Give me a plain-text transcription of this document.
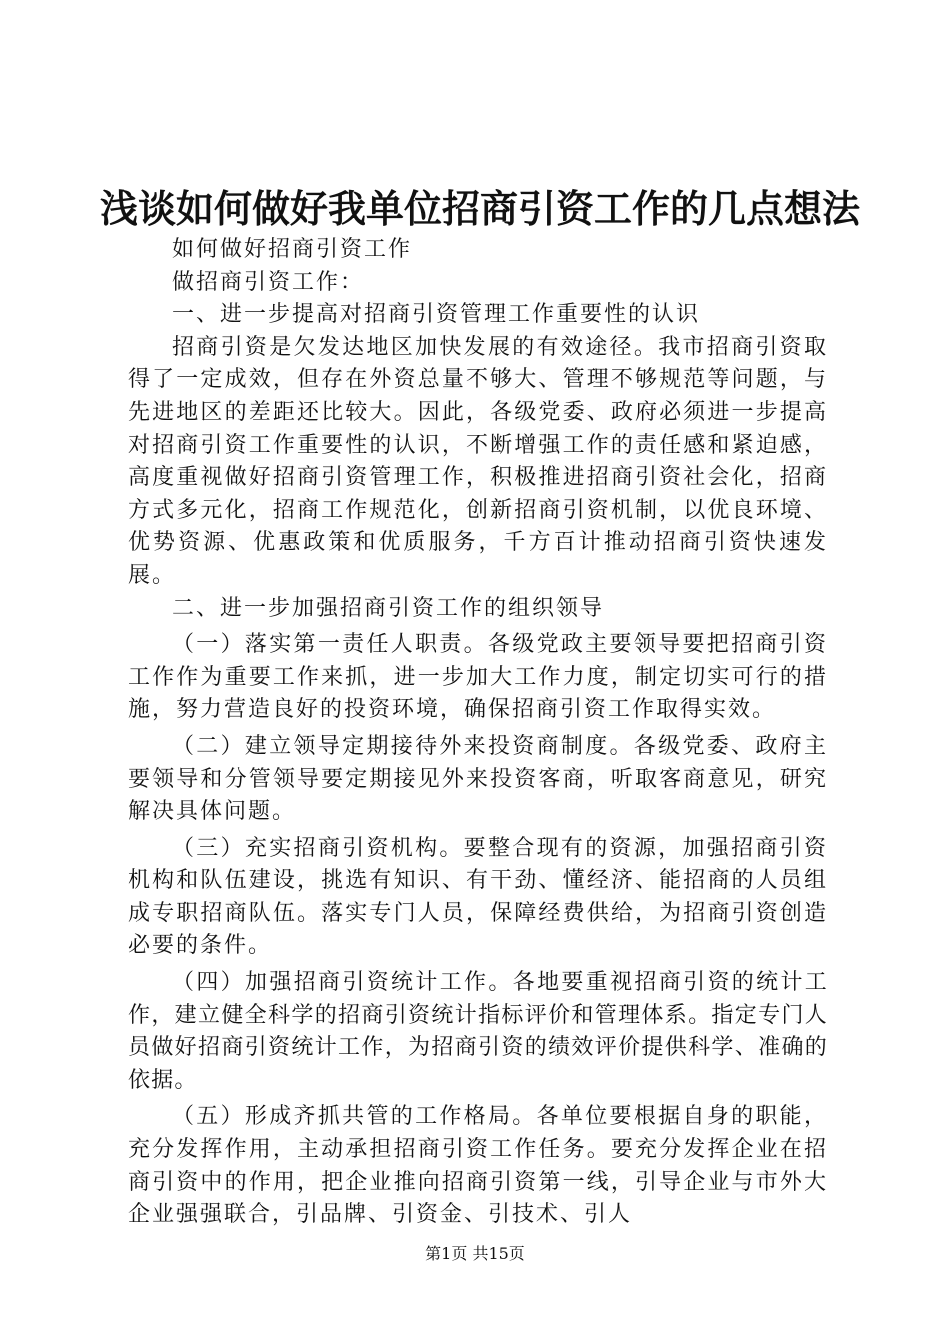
浅谈如何做好我单位招商引资工作的几点想法

如何做好招商引资工作

做招商引资工作：

一、进一步提高对招商引资管理工作重要性的认识

招商引资是欠发达地区加快发展的有效途径。我市招商引资取得了一定成效，但存在外资总量不够大、管理不够规范等问题，与先进地区的差距还比较大。因此，各级党委、政府必须进一步提高对招商引资工作重要性的认识，不断增强工作的责任感和紧迫感，高度重视做好招商引资管理工作，积极推进招商引资社会化，招商方式多元化，招商工作规范化，创新招商引资机制，以优良环境、优势资源、优惠政策和优质服务，千方百计推动招商引资快速发展。

二、进一步加强招商引资工作的组织领导

（一）落实第一责任人职责。各级党政主要领导要把招商引资工作作为重要工作来抓，进一步加大工作力度，制定切实可行的措施，努力营造良好的投资环境，确保招商引资工作取得实效。

（二）建立领导定期接待外来投资商制度。各级党委、政府主要领导和分管领导要定期接见外来投资客商，听取客商意见，研究解决具体问题。

（三）充实招商引资机构。要整合现有的资源，加强招商引资机构和队伍建设，挑选有知识、有干劲、懂经济、能招商的人员组成专职招商队伍。落实专门人员，保障经费供给，为招商引资创造必要的条件。

（四）加强招商引资统计工作。各地要重视招商引资的统计工作，建立健全科学的招商引资统计指标评价和管理体系。指定专门人员做好招商引资统计工作，为招商引资的绩效评价提供科学、准确的依据。

（五）形成齐抓共管的工作格局。各单位要根据自身的职能，充分发挥作用，主动承担招商引资工作任务。要充分发挥企业在招商引资中的作用，把企业推向招商引资第一线，引导企业与市外大企业强强联合，引品牌、引资金、引技术、引人

第1页 共15页
